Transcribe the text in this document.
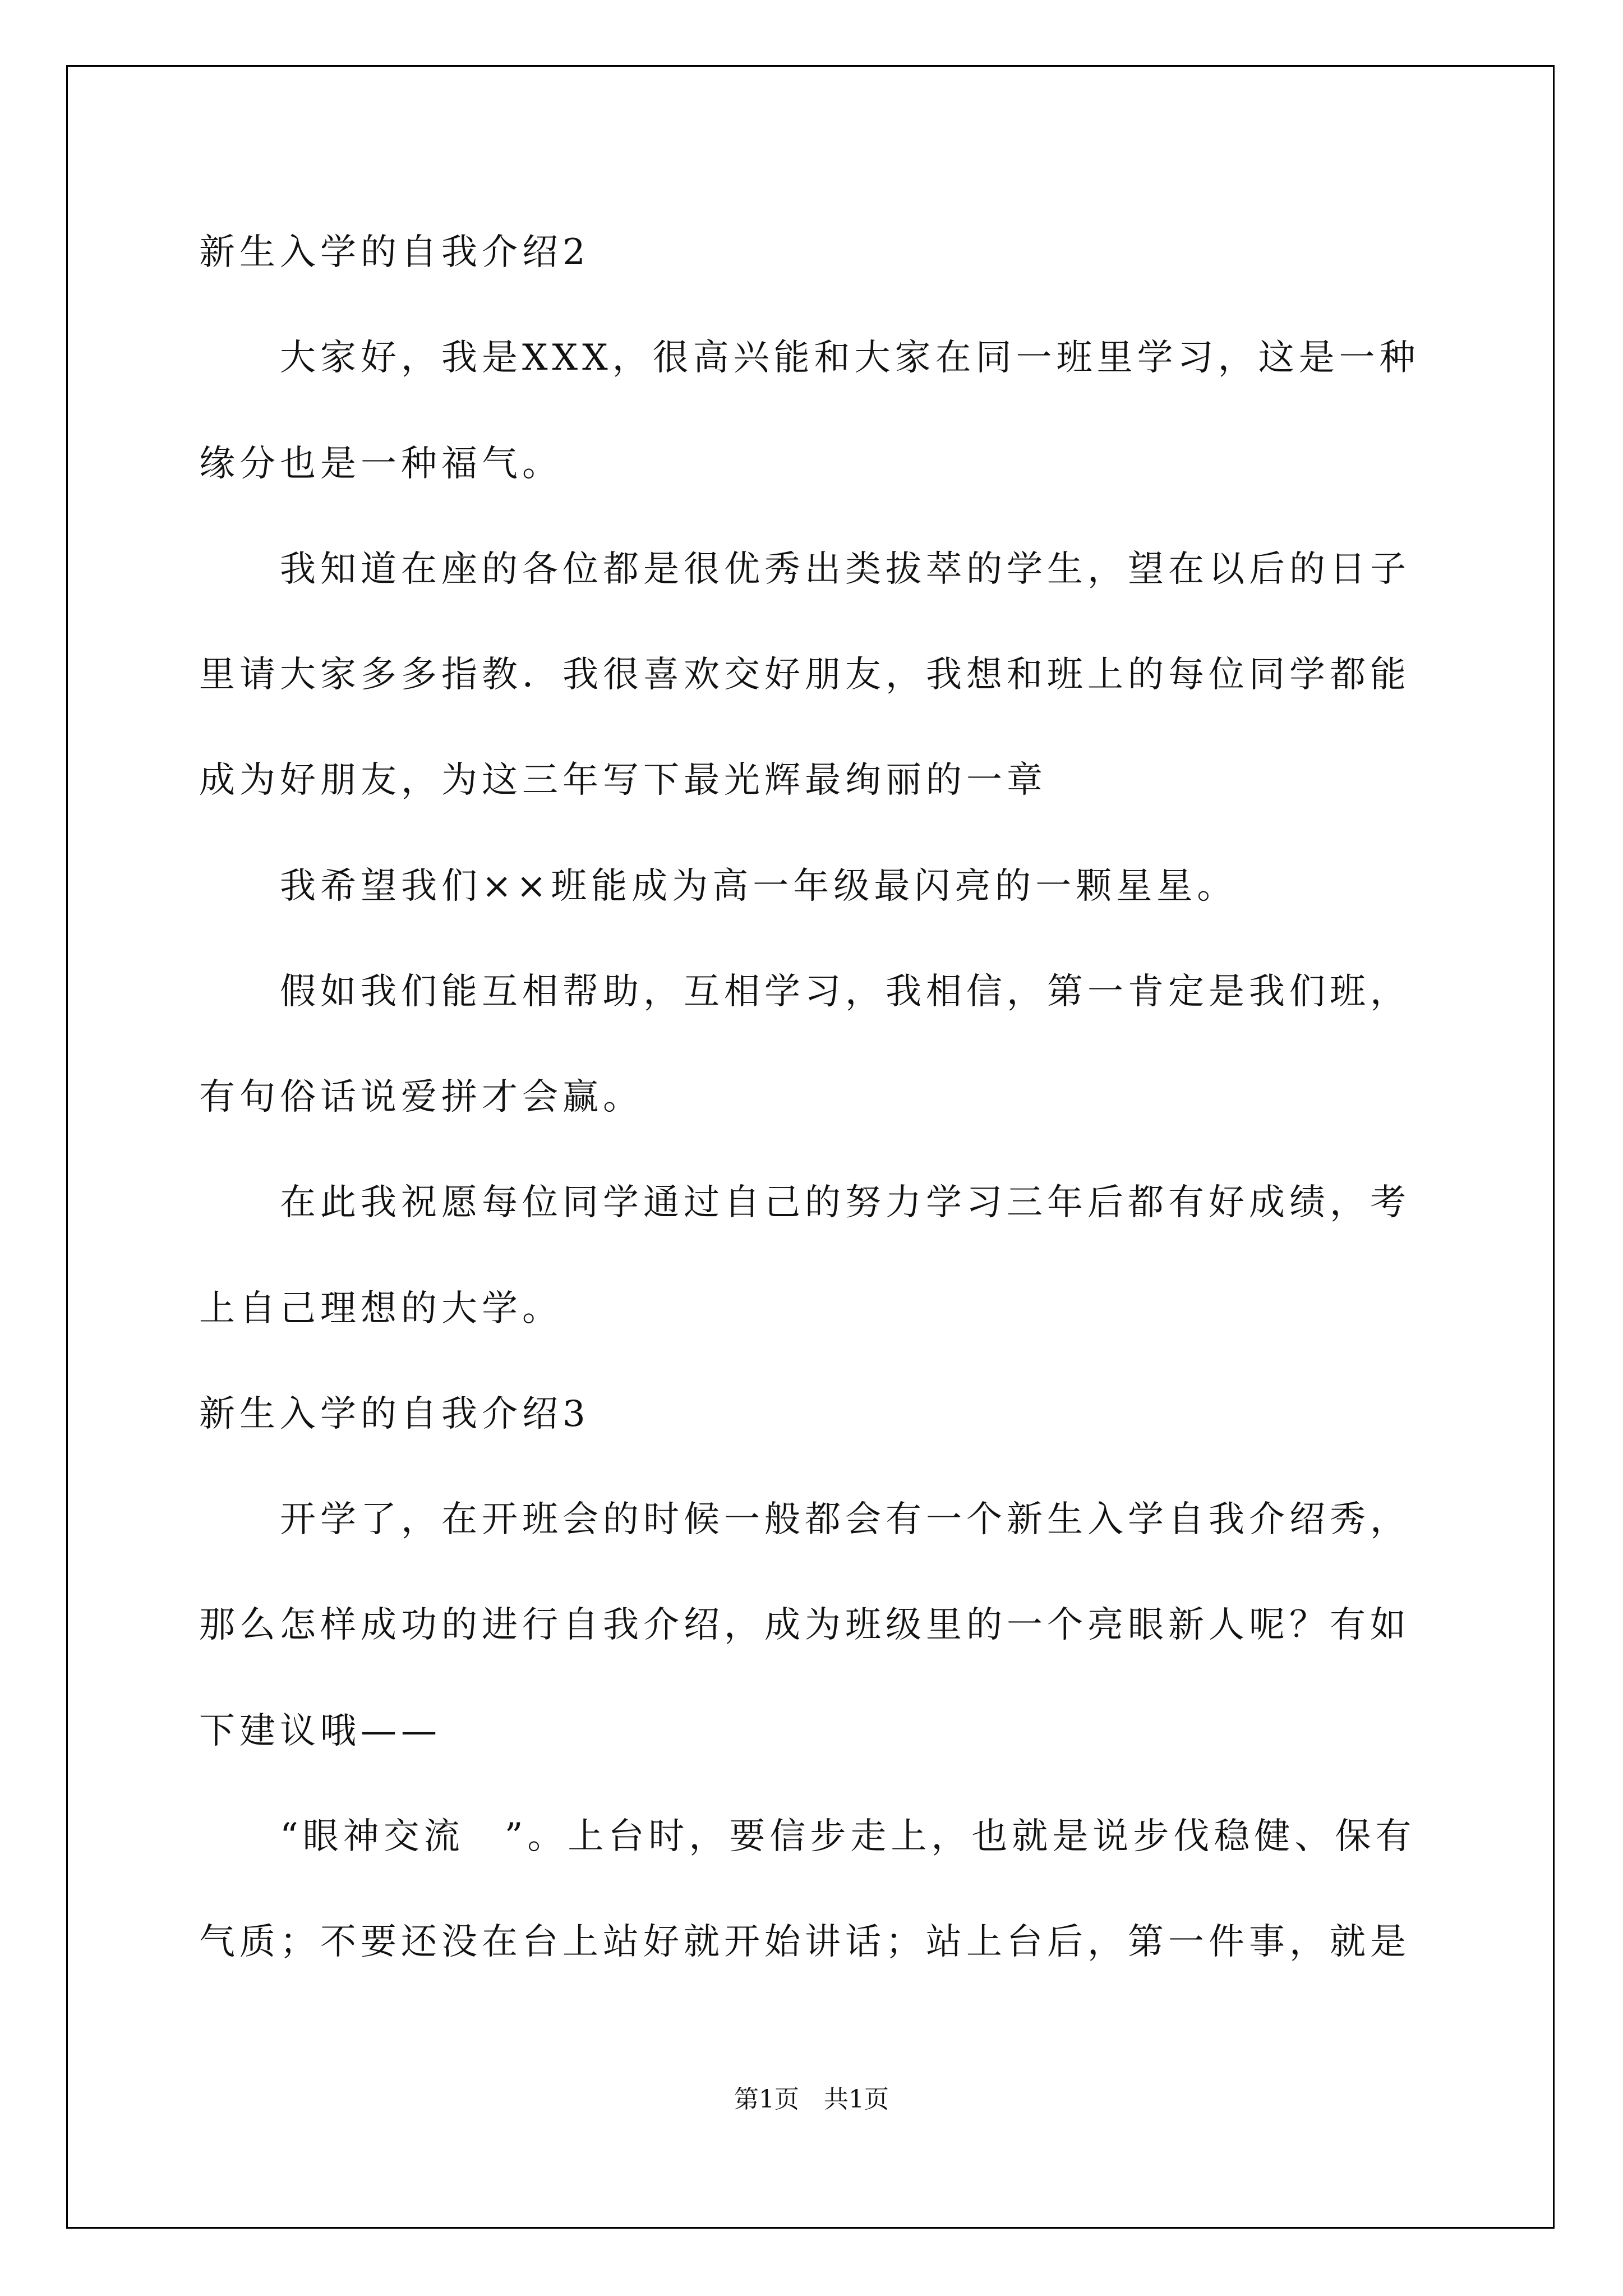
新生入学的自我介绍2
　　大家好，我是XXX，很高兴能和大家在同一班里学习，这是一种
缘分也是一种福气。
　　我知道在座的各位都是很优秀出类拔萃的学生，望在以后的日子
里请大家多多指教．我很喜欢交好朋友，我想和班上的每位同学都能
成为好朋友，为这三年写下最光辉最绚丽的一章
　　我希望我们××班能成为高一年级最闪亮的一颗星星。
　　假如我们能互相帮助，互相学习，我相信，第一肯定是我们班，
有句俗话说爱拼才会赢。
　　在此我祝愿每位同学通过自己的努力学习三年后都有好成绩，考
上自己理想的大学。
新生入学的自我介绍3
　　开学了，在开班会的时候一般都会有一个新生入学自我介绍秀，
那么怎样成功的进行自我介绍，成为班级里的一个亮眼新人呢？有如
下建议哦——
　　“眼神交流　”。上台时，要信步走上，也就是说步伐稳健、保有
气质；不要还没在台上站好就开始讲话；站上台后，第一件事，就是
第1页　共1页
